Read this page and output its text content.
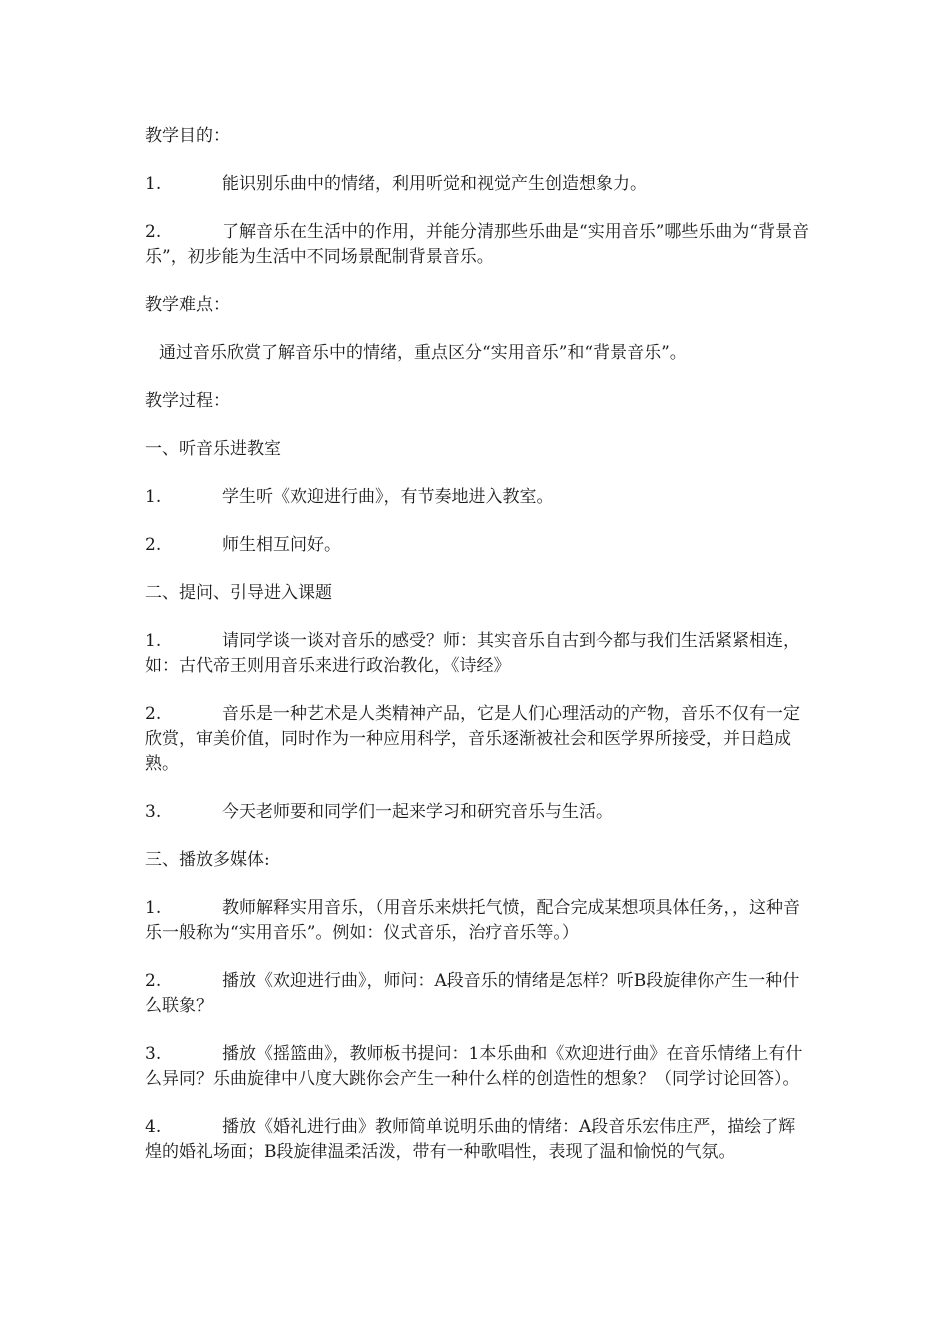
教学目的：

1.	能识别乐曲中的情绪，利用听觉和视觉产生创造想象力。

2.	了解音乐在生活中的作用，并能分清那些乐曲是“实用音乐”哪些乐曲为“背景音乐”，初步能为生活中不同场景配制背景音乐。

教学难点：

通过音乐欣赏了解音乐中的情绪，重点区分“实用音乐”和“背景音乐”。

教学过程：

一、听音乐进教室

1.	学生听《欢迎进行曲》，有节奏地进入教室。

2.	师生相互问好。

二、提问、引导进入课题

1.	请同学谈一谈对音乐的感受？师：其实音乐自古到今都与我们生活紧紧相连，如：古代帝王则用音乐来进行政治教化，《诗经》

2.	音乐是一种艺术是人类精神产品，它是人们心理活动的产物，音乐不仅有一定欣赏，审美价值，同时作为一种应用科学，音乐逐渐被社会和医学界所接受，并日趋成熟。

3.	今天老师要和同学们一起来学习和研究音乐与生活。

三、播放多媒体:

1.	教师解释实用音乐，（用音乐来烘托气愤，配合完成某想项具体任务，，这种音乐一般称为“实用音乐”。例如：仪式音乐，治疗音乐等。）

2.	播放《欢迎进行曲》，师问：A段音乐的情绪是怎样？听B段旋律你产生一种什么联象？

3.	播放《摇篮曲》，教师板书提问：1本乐曲和《欢迎进行曲》在音乐情绪上有什么异同？乐曲旋律中八度大跳你会产生一种什么样的创造性的想象？（同学讨论回答）。

4.	播放《婚礼进行曲》教师简单说明乐曲的情绪：A段音乐宏伟庄严，描绘了辉煌的婚礼场面；B段旋律温柔活泼，带有一种歌唱性，表现了温和愉悦的气氛。
